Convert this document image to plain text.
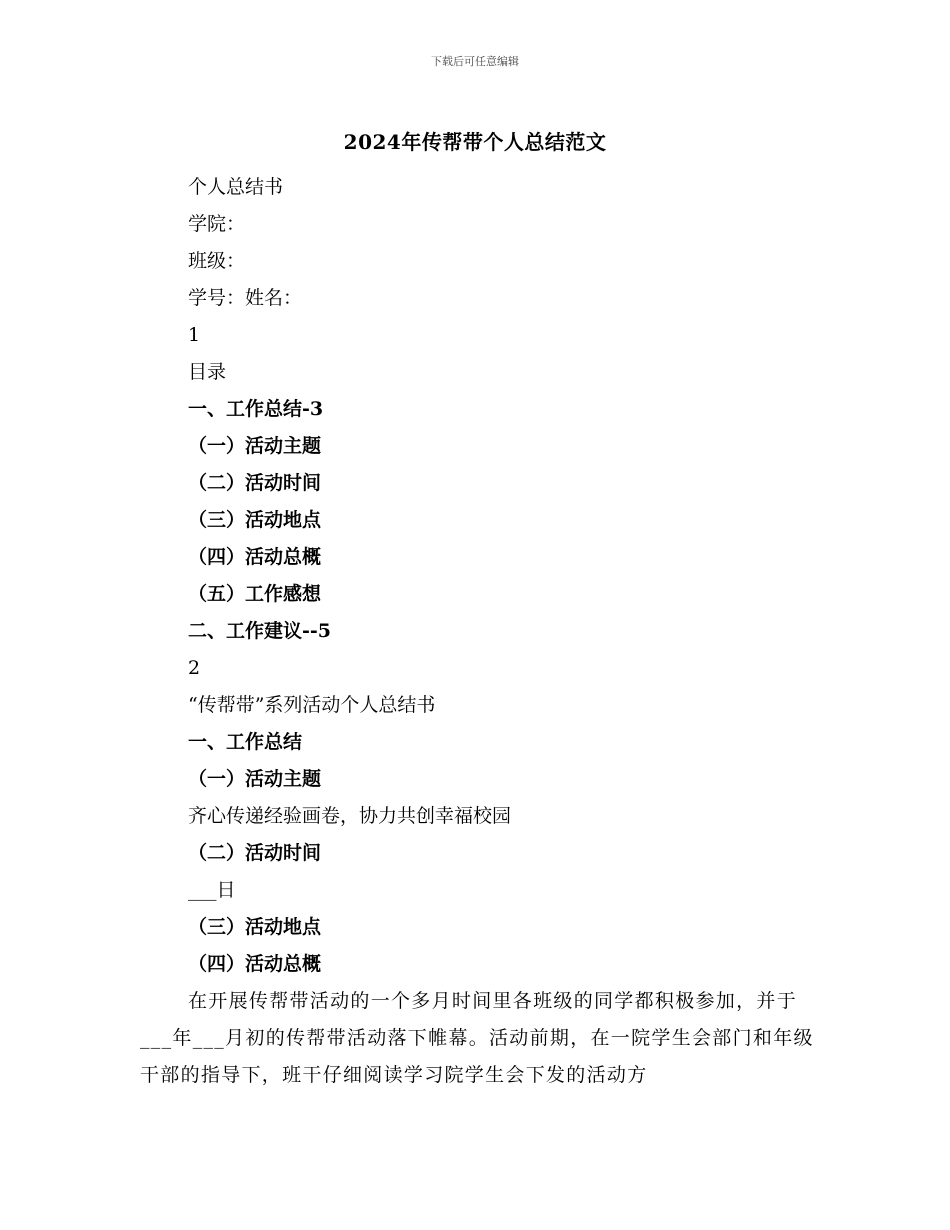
下载后可任意编辑
2024年传帮带个人总结范文
个人总结书
学院：
班级：
学号：姓名：
1
目录
一、工作总结-3
（一）活动主题
（二）活动时间
（三）活动地点
（四）活动总概
（五）工作感想
二、工作建议--5
2
“传帮带”系列活动个人总结书
一、工作总结
（一）活动主题
齐心传递经验画卷，协力共创幸福校园
（二）活动时间
___日
（三）活动地点
（四）活动总概
在开展传帮带活动的一个多月时间里各班级的同学都积极参加，并于___年___月初的传帮带活动落下帷幕。活动前期，在一院学生会部门和年级干部的指导下，班干仔细阅读学习院学生会下发的活动方
